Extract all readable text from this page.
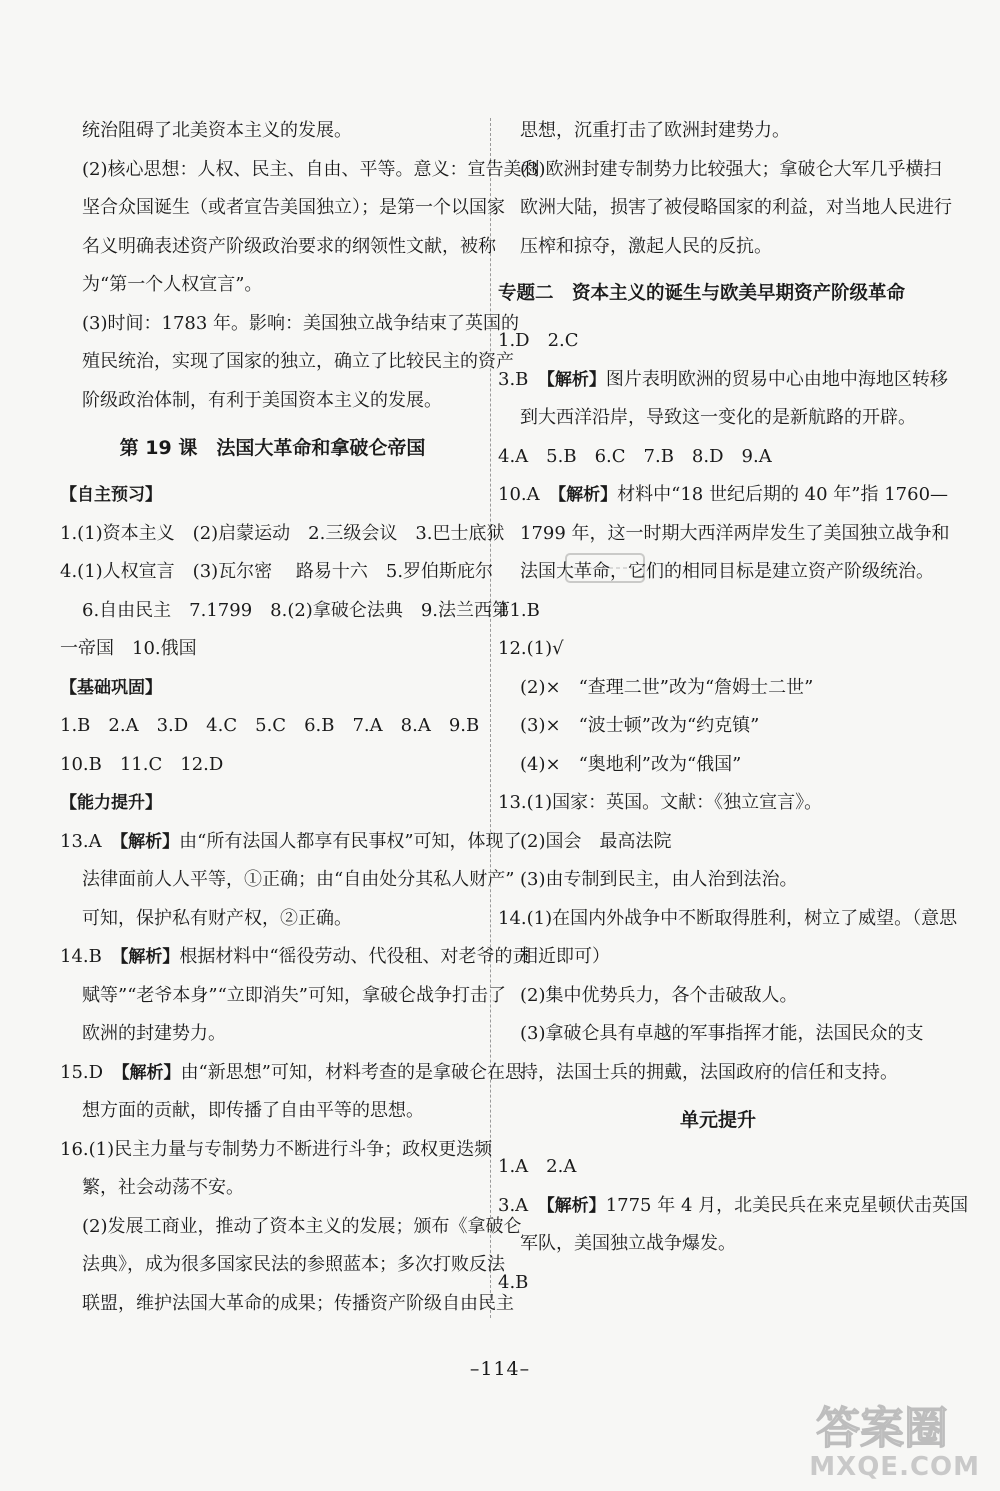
统治阻碍了北美资本主义的发展。
(2)核心思想：人权、民主、自由、平等。意义：宣告美利
坚合众国诞生（或者宣告美国独立）；是第一个以国家
名义明确表述资产阶级政治要求的纲领性文献，被称
为“第一个人权宣言”。
(3)时间：1783 年。影响：美国独立战争结束了英国的
殖民统治，实现了国家的独立，确立了比较民主的资产
阶级政治体制，有利于美国资本主义的发展。
第 19 课　法国大革命和拿破仑帝国
【自主预习】
1.(1)资本主义　(2)启蒙运动　2.三级会议　3.巴士底狱
4.(1)人权宣言　(3)瓦尔密　 路易十六　5.罗伯斯庇尔
6.自由民主　7.1799　8.(2)拿破仑法典　9.法兰西第
一帝国　10.俄国
【基础巩固】
1.B　2.A　3.D　4.C　5.C　6.B　7.A　8.A　9.B
10.B　11.C　12.D
【能力提升】
13.A　【解析】由“所有法国人都享有民事权”可知，体现了
法律面前人人平等，①正确；由“自由处分其私人财产”
可知，保护私有财产权，②正确。
14.B　【解析】根据材料中“徭役劳动、代役租、对老爷的贡
赋等”“老爷本身”“立即消失”可知，拿破仑战争打击了
欧洲的封建势力。
15.D　【解析】由“新思想”可知，材料考查的是拿破仑在思
想方面的贡献，即传播了自由平等的思想。
16.(1)民主力量与专制势力不断进行斗争；政权更迭频
繁，社会动荡不安。
(2)发展工商业，推动了资本主义的发展；颁布《拿破仑
法典》，成为很多国家民法的参照蓝本；多次打败反法
联盟，维护法国大革命的成果；传播资产阶级自由民主
思想，沉重打击了欧洲封建势力。
(3)欧洲封建专制势力比较强大；拿破仑大军几乎横扫
欧洲大陆，损害了被侵略国家的利益，对当地人民进行
压榨和掠夺，激起人民的反抗。
专题二　资本主义的诞生与欧美早期资产阶级革命
1.D　2.C
3.B　【解析】图片表明欧洲的贸易中心由地中海地区转移
到大西洋沿岸，导致这一变化的是新航路的开辟。
4.A　5.B　6.C　7.B　8.D　9.A
10.A　【解析】材料中“18 世纪后期的 40 年”指 1760—
1799 年，这一时期大西洋两岸发生了美国独立战争和
法国大革命，它们的相同目标是建立资产阶级统治。
11.B
12.(1)√
(2)×　“查理二世”改为“詹姆士二世”
(3)×　“波士顿”改为“约克镇”
(4)×　“奥地利”改为“俄国”
13.(1)国家：英国。文献：《独立宣言》。
(2)国会　最高法院
(3)由专制到民主，由人治到法治。
14.(1)在国内外战争中不断取得胜利，树立了威望。（意思
相近即可）
(2)集中优势兵力，各个击破敌人。
(3)拿破仑具有卓越的军事指挥才能，法国民众的支
持，法国士兵的拥戴，法国政府的信任和支持。
单元提升
1.A　2.A
3.A　【解析】1775 年 4 月，北美民兵在来克星顿伏击英国
军队，美国独立战争爆发。
4.B
–114–
答案圈
MXQE.COM
